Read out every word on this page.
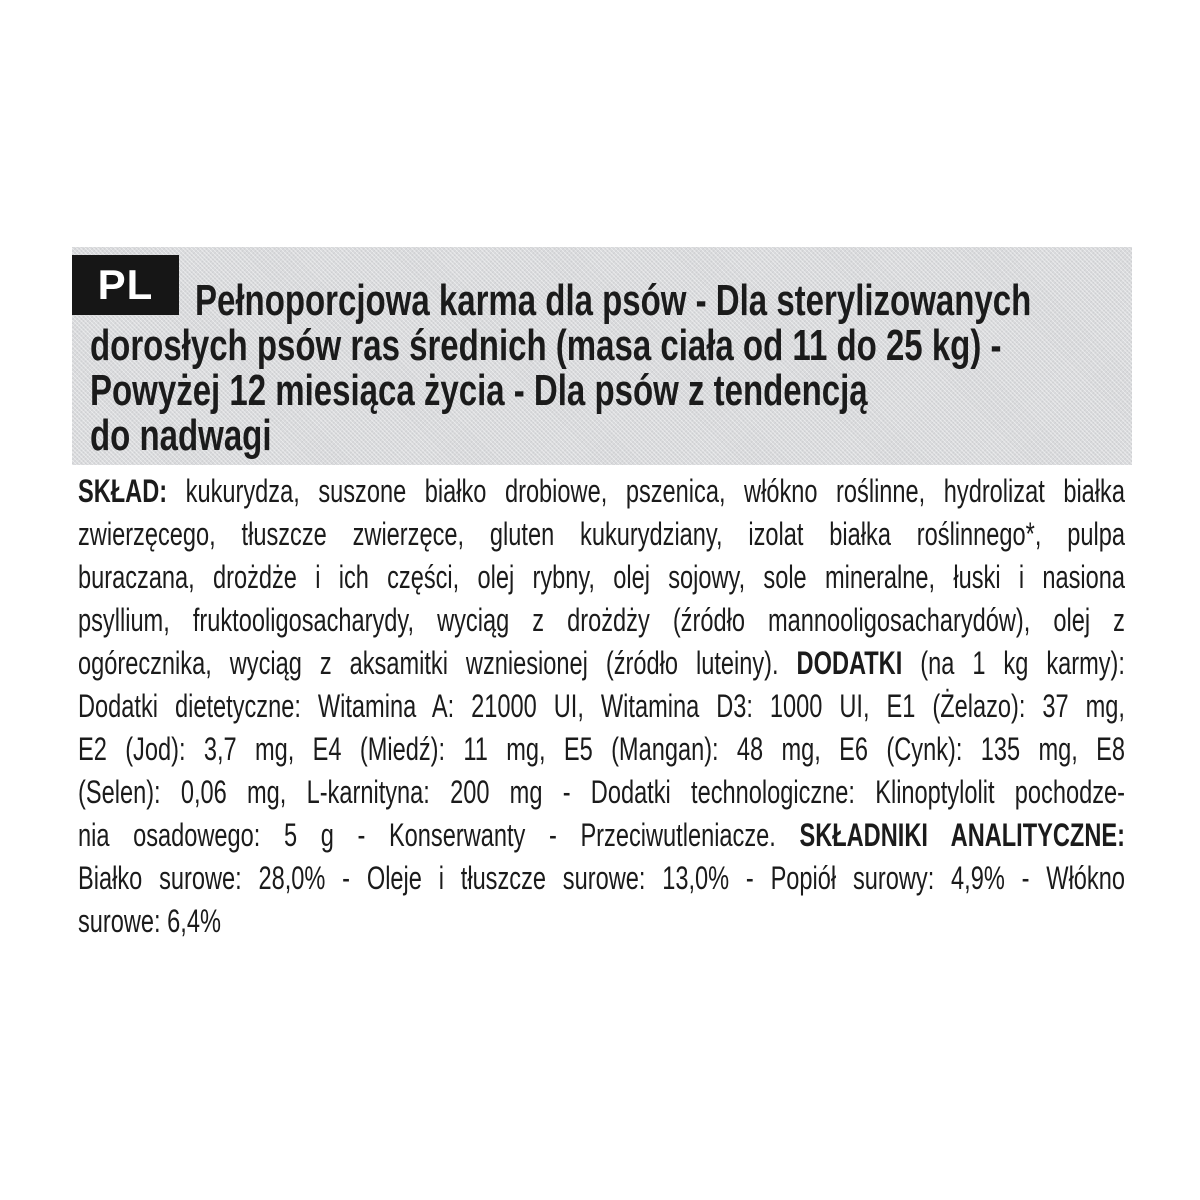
PL Pełnoporcjowa karma dla psów - Dla sterylizowanych
dorosłych psów ras średnich (masa ciała od 11 do 25 kg) -
Powyżej 12 miesiąca życia - Dla psów z tendencją
do nadwagi
SKŁAD: kukurydza, suszone białko drobiowe, pszenica, włókno roślinne, hydrolizat białka
zwierzęcego, tłuszcze zwierzęce, gluten kukurydziany, izolat białka roślinnego*, pulpa
buraczana, drożdże i ich części, olej rybny, olej sojowy, sole mineralne, łuski i nasiona
psyllium, fruktooligosacharydy, wyciąg z drożdży (źródło mannooligosacharydów), olej z
ogórecznika, wyciąg z aksamitki wzniesionej (źródło luteiny). DODATKI (na 1 kg karmy):
Dodatki dietetyczne: Witamina A: 21000 UI, Witamina D3: 1000 UI, E1 (Żelazo): 37 mg,
E2 (Jod): 3,7 mg, E4 (Miedź): 11 mg, E5 (Mangan): 48 mg, E6 (Cynk): 135 mg, E8
(Selen): 0,06 mg, L-karnityna: 200 mg - Dodatki technologiczne: Klinoptylolit pochodze-
nia osadowego: 5 g - Konserwanty - Przeciwutleniacze. SKŁADNIKI ANALITYCZNE:
Białko surowe: 28,0% - Oleje i tłuszcze surowe: 13,0% - Popiół surowy: 4,9% - Włókno
surowe: 6,4%
